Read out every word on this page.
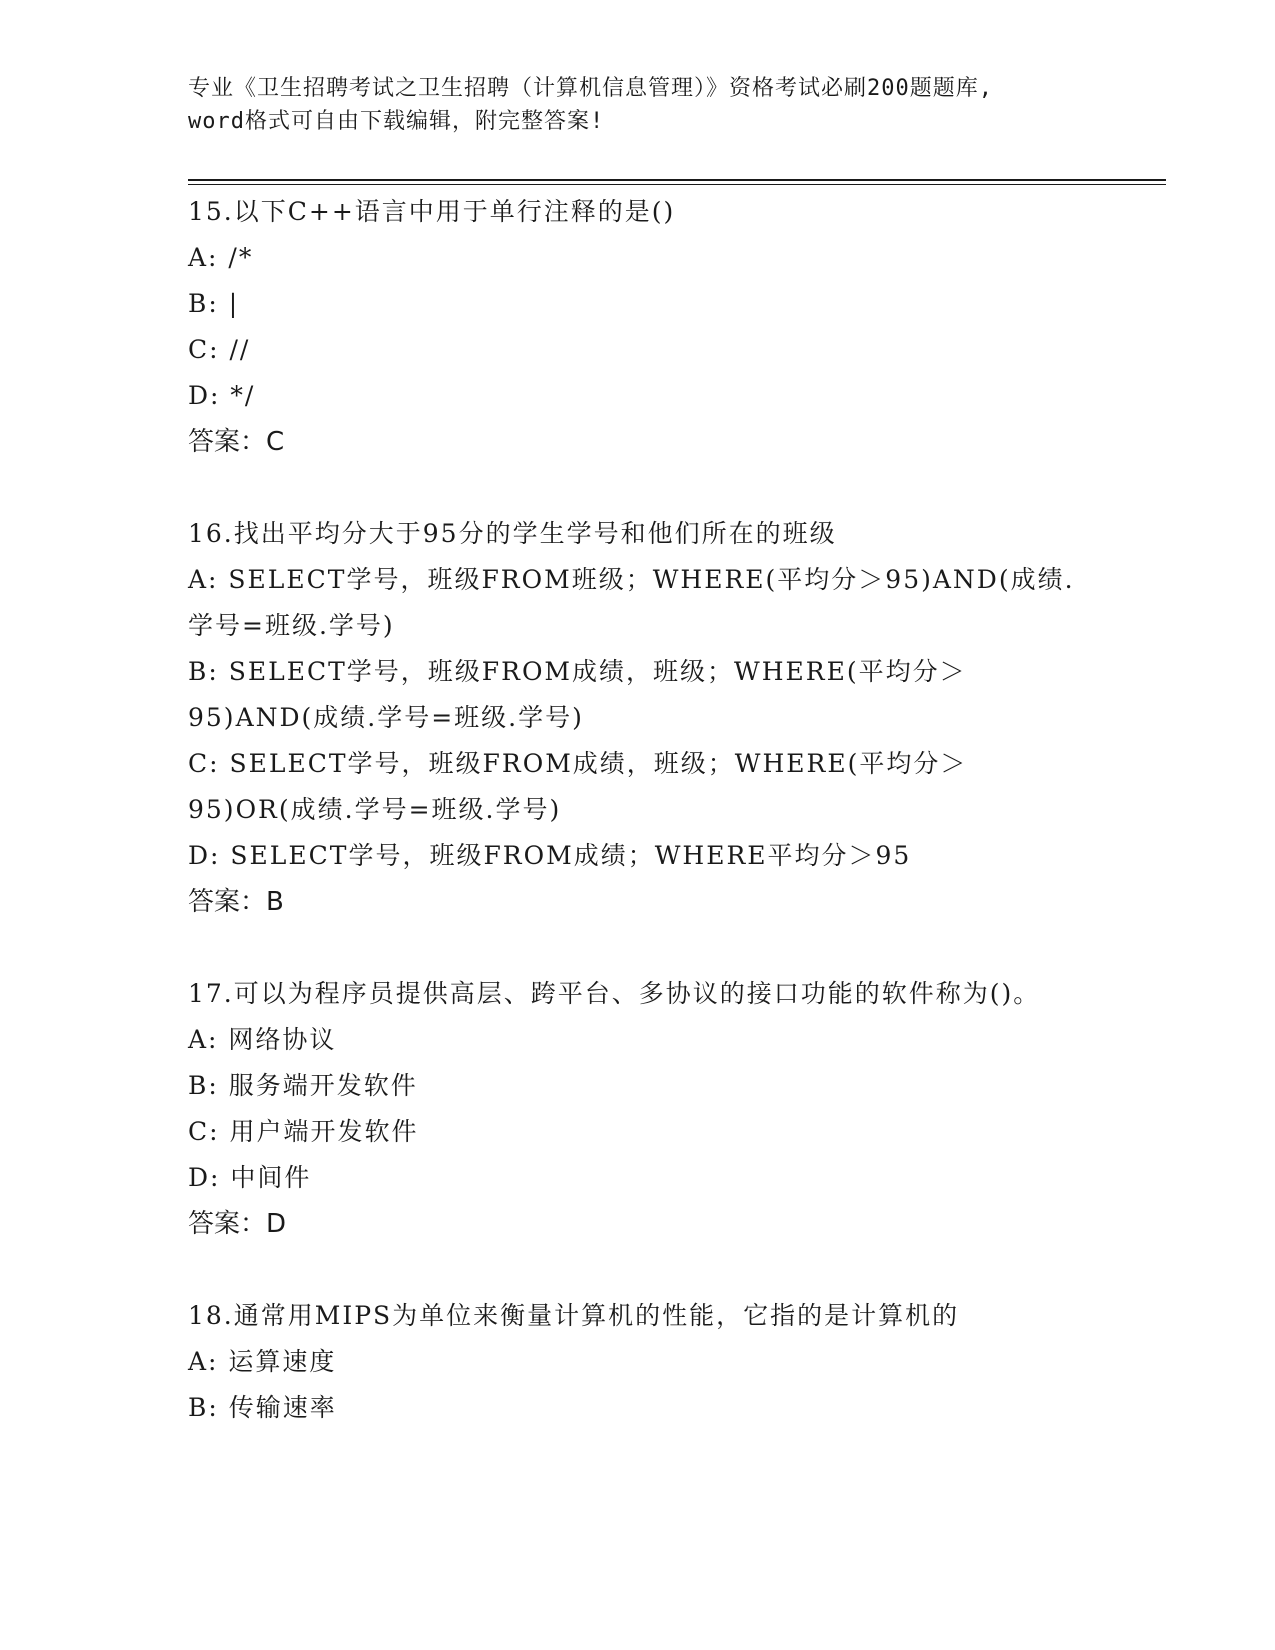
专业《卫生招聘考试之卫生招聘（计算机信息管理）》资格考试必刷200题题库,
word格式可自由下载编辑，附完整答案!
15.以下C++语言中用于单行注释的是()
A: /*
B: |
C: //
D: */
答案：C
16.找出平均分大于95分的学生学号和他们所在的班级
A: SELECT学号，班级FROM班级；WHERE(平均分＞95)AND(成绩.学号=班级.学号)
B: SELECT学号，班级FROM成绩，班级；WHERE(平均分＞95)AND(成绩.学号=班级.学号)
C: SELECT学号，班级FROM成绩，班级；WHERE(平均分＞95)OR(成绩.学号=班级.学号)
D: SELECT学号，班级FROM成绩；WHERE平均分＞95
答案：B
17.可以为程序员提供高层、跨平台、多协议的接口功能的软件称为()。
A: 网络协议
B: 服务端开发软件
C: 用户端开发软件
D: 中间件
答案：D
18.通常用MIPS为单位来衡量计算机的性能，它指的是计算机的
A: 运算速度
B: 传输速率
